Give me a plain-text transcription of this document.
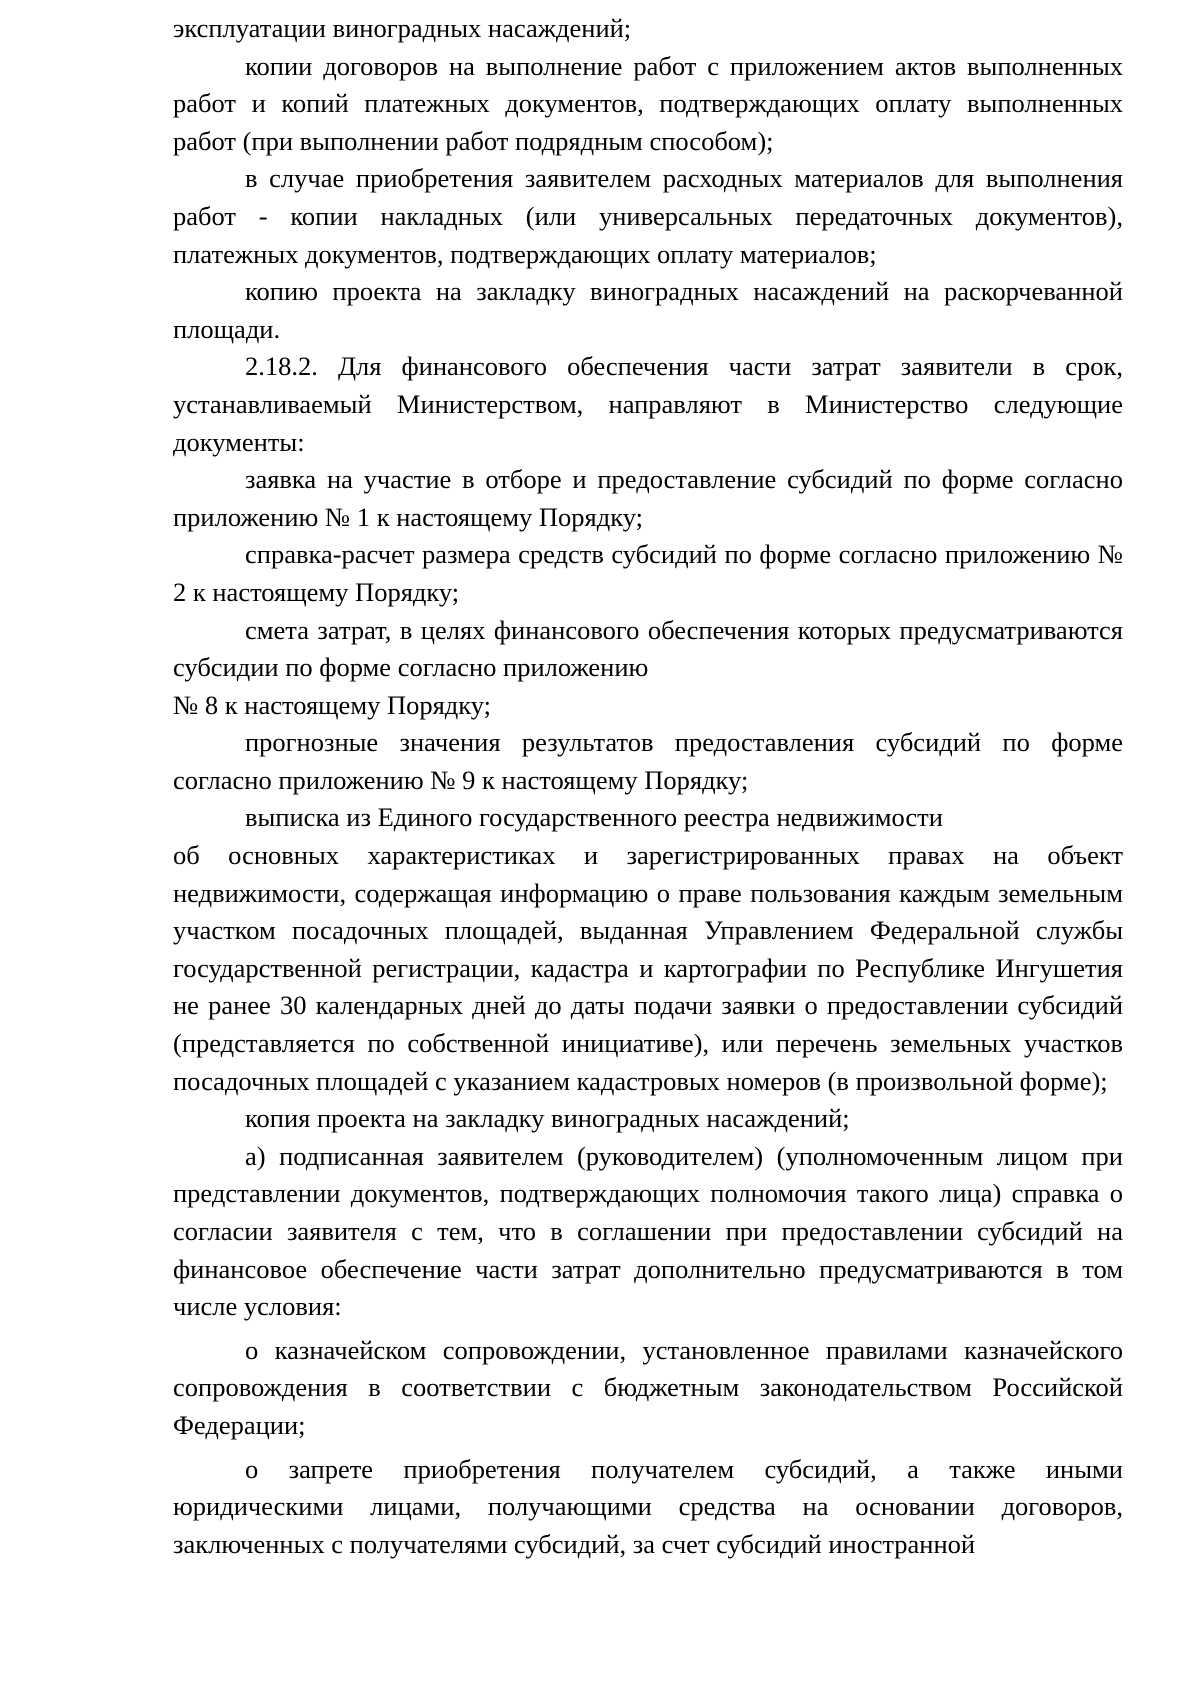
эксплуатации виноградных насаждений;

копии договоров на выполнение работ с приложением актов выполненных работ и копий платежных документов, подтверждающих оплату выполненных работ (при выполнении работ подрядным способом);

в случае приобретения заявителем расходных материалов для выполнения работ - копии накладных (или универсальных передаточных документов), платежных документов, подтверждающих оплату материалов;

копию проекта на закладку виноградных насаждений на раскорчеванной площади.

2.18.2. Для финансового обеспечения части затрат заявители в срок, устанавливаемый Министерством, направляют в Министерство следующие документы:

заявка на участие в отборе и предоставление субсидий по форме согласно приложению № 1 к настоящему Порядку;

справка-расчет размера средств субсидий по форме согласно приложению № 2 к настоящему Порядку;

смета затрат, в целях финансового обеспечения которых предусматриваются субсидии по форме согласно приложению

№ 8 к настоящему Порядку;

прогнозные значения результатов предоставления субсидий по форме согласно приложению № 9 к настоящему Порядку;

выписка из Единого государственного реестра недвижимости

об основных характеристиках и зарегистрированных правах на объект недвижимости, содержащая информацию о праве пользования каждым земельным участком посадочных площадей, выданная Управлением Федеральной службы государственной регистрации, кадастра и картографии по Республике Ингушетия не ранее 30 календарных дней до даты подачи заявки о предоставлении субсидий (представляется по собственной инициативе), или перечень земельных участков посадочных площадей с указанием кадастровых номеров (в произвольной форме);

копия проекта на закладку виноградных насаждений;

а) подписанная заявителем (руководителем) (уполномоченным лицом при представлении документов, подтверждающих полномочия такого лица) справка о согласии заявителя с тем, что в соглашении при предоставлении субсидий на финансовое обеспечение части затрат дополнительно предусматриваются в том числе условия:

о казначейском сопровождении, установленное правилами казначейского сопровождения в соответствии с бюджетным законодательством Российской Федерации;

о запрете приобретения получателем субсидий, а также иными юридическими лицами, получающими средства на основании договоров, заключенных с получателями субсидий, за счет субсидий иностранной
